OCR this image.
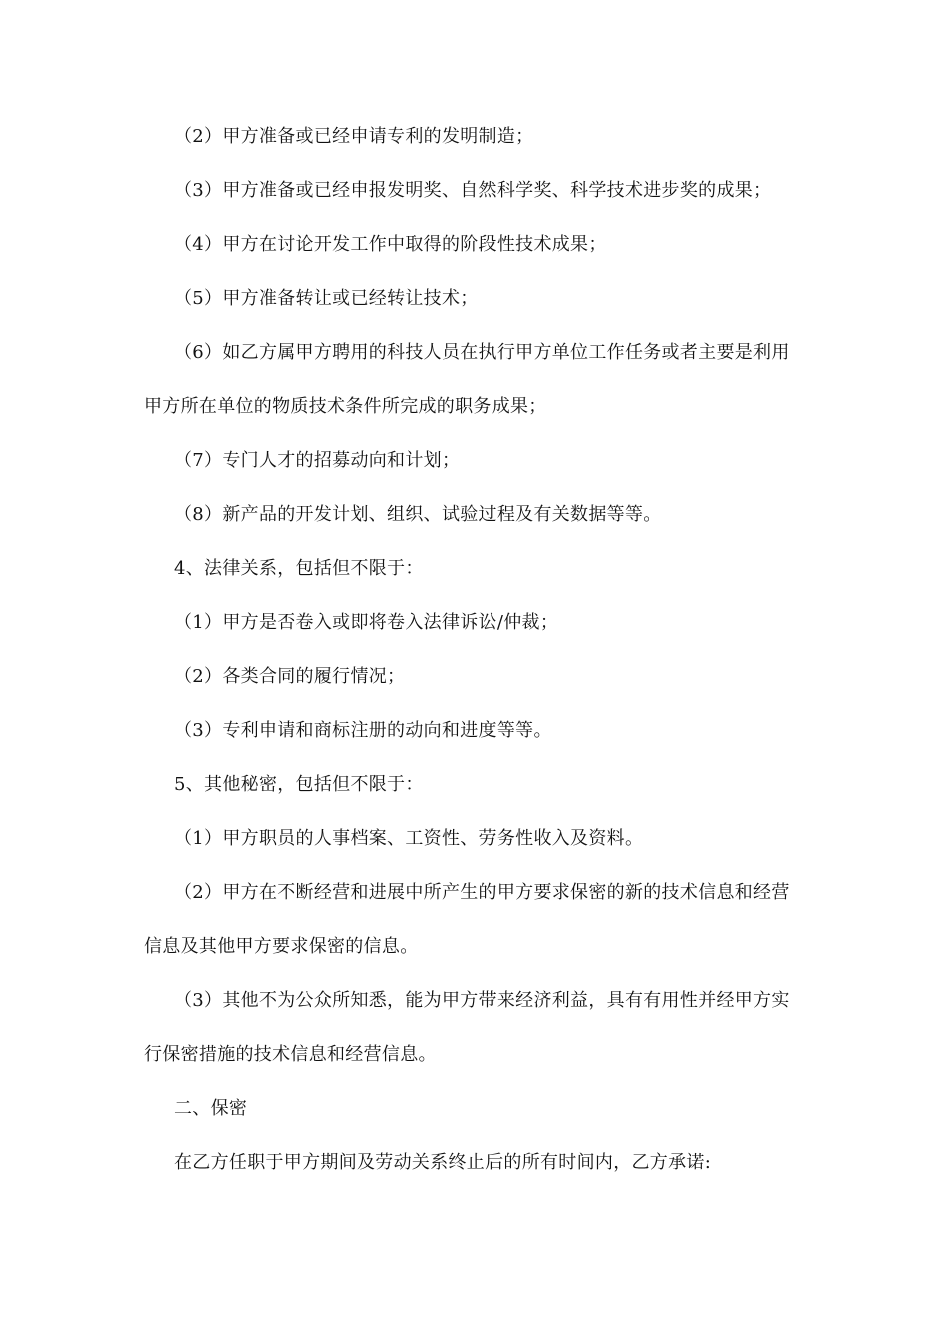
（2）甲方准备或已经申请专利的发明制造；

（3）甲方准备或已经申报发明奖、自然科学奖、科学技术进步奖的成果；

（4）甲方在讨论开发工作中取得的阶段性技术成果；

（5）甲方准备转让或已经转让技术；

（6）如乙方属甲方聘用的科技人员在执行甲方单位工作任务或者主要是利用甲方所在单位的物质技术条件所完成的职务成果；

（7）专门人才的招募动向和计划；

（8）新产品的开发计划、组织、试验过程及有关数据等等。

4、法律关系，包括但不限于：

（1）甲方是否卷入或即将卷入法律诉讼/仲裁；

（2）各类合同的履行情况；

（3）专利申请和商标注册的动向和进度等等。

5、其他秘密，包括但不限于：

（1）甲方职员的人事档案、工资性、劳务性收入及资料。

（2）甲方在不断经营和进展中所产生的甲方要求保密的新的技术信息和经营信息及其他甲方要求保密的信息。

（3）其他不为公众所知悉，能为甲方带来经济利益，具有有用性并经甲方实行保密措施的技术信息和经营信息。

二、保密

在乙方任职于甲方期间及劳动关系终止后的所有时间内，乙方承诺:
